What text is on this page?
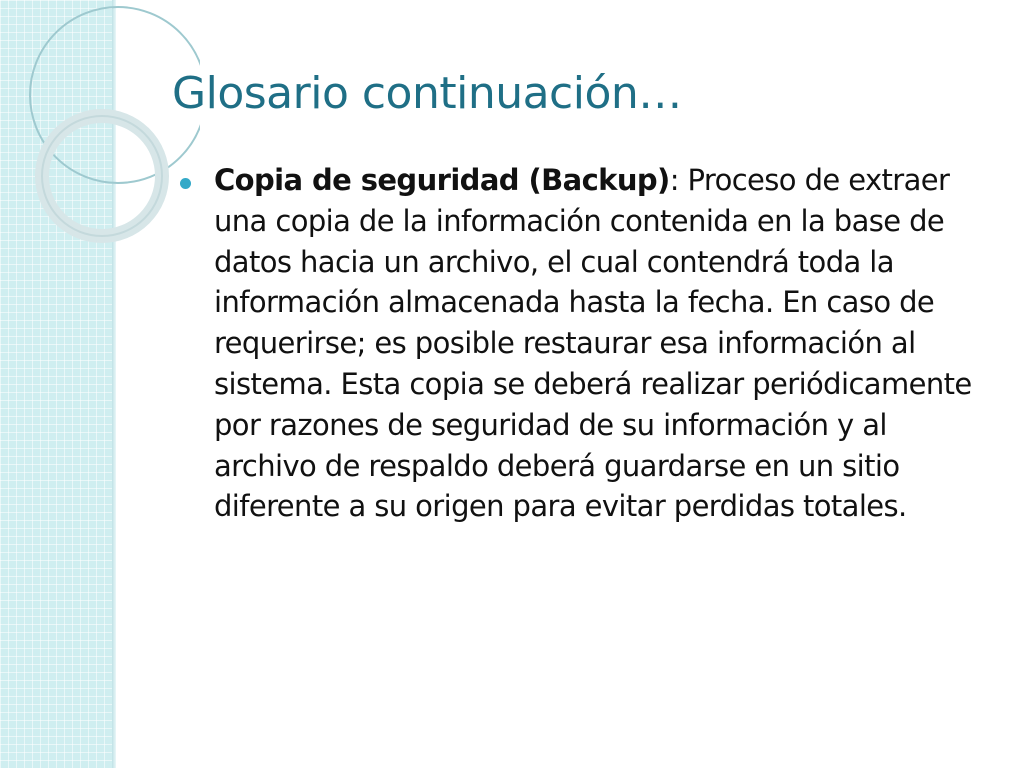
Glosario continuación…

Copia de seguridad (Backup): Proceso de extraer una copia de la información contenida en la base de datos hacia un archivo, el cual contendrá toda la información almacenada hasta la fecha. En caso de requerirse; es posible restaurar esa información al sistema. Esta copia se deberá realizar periódicamente por razones de seguridad de su información y al archivo de respaldo deberá guardarse en un sitio diferente a su origen para evitar perdidas totales.
